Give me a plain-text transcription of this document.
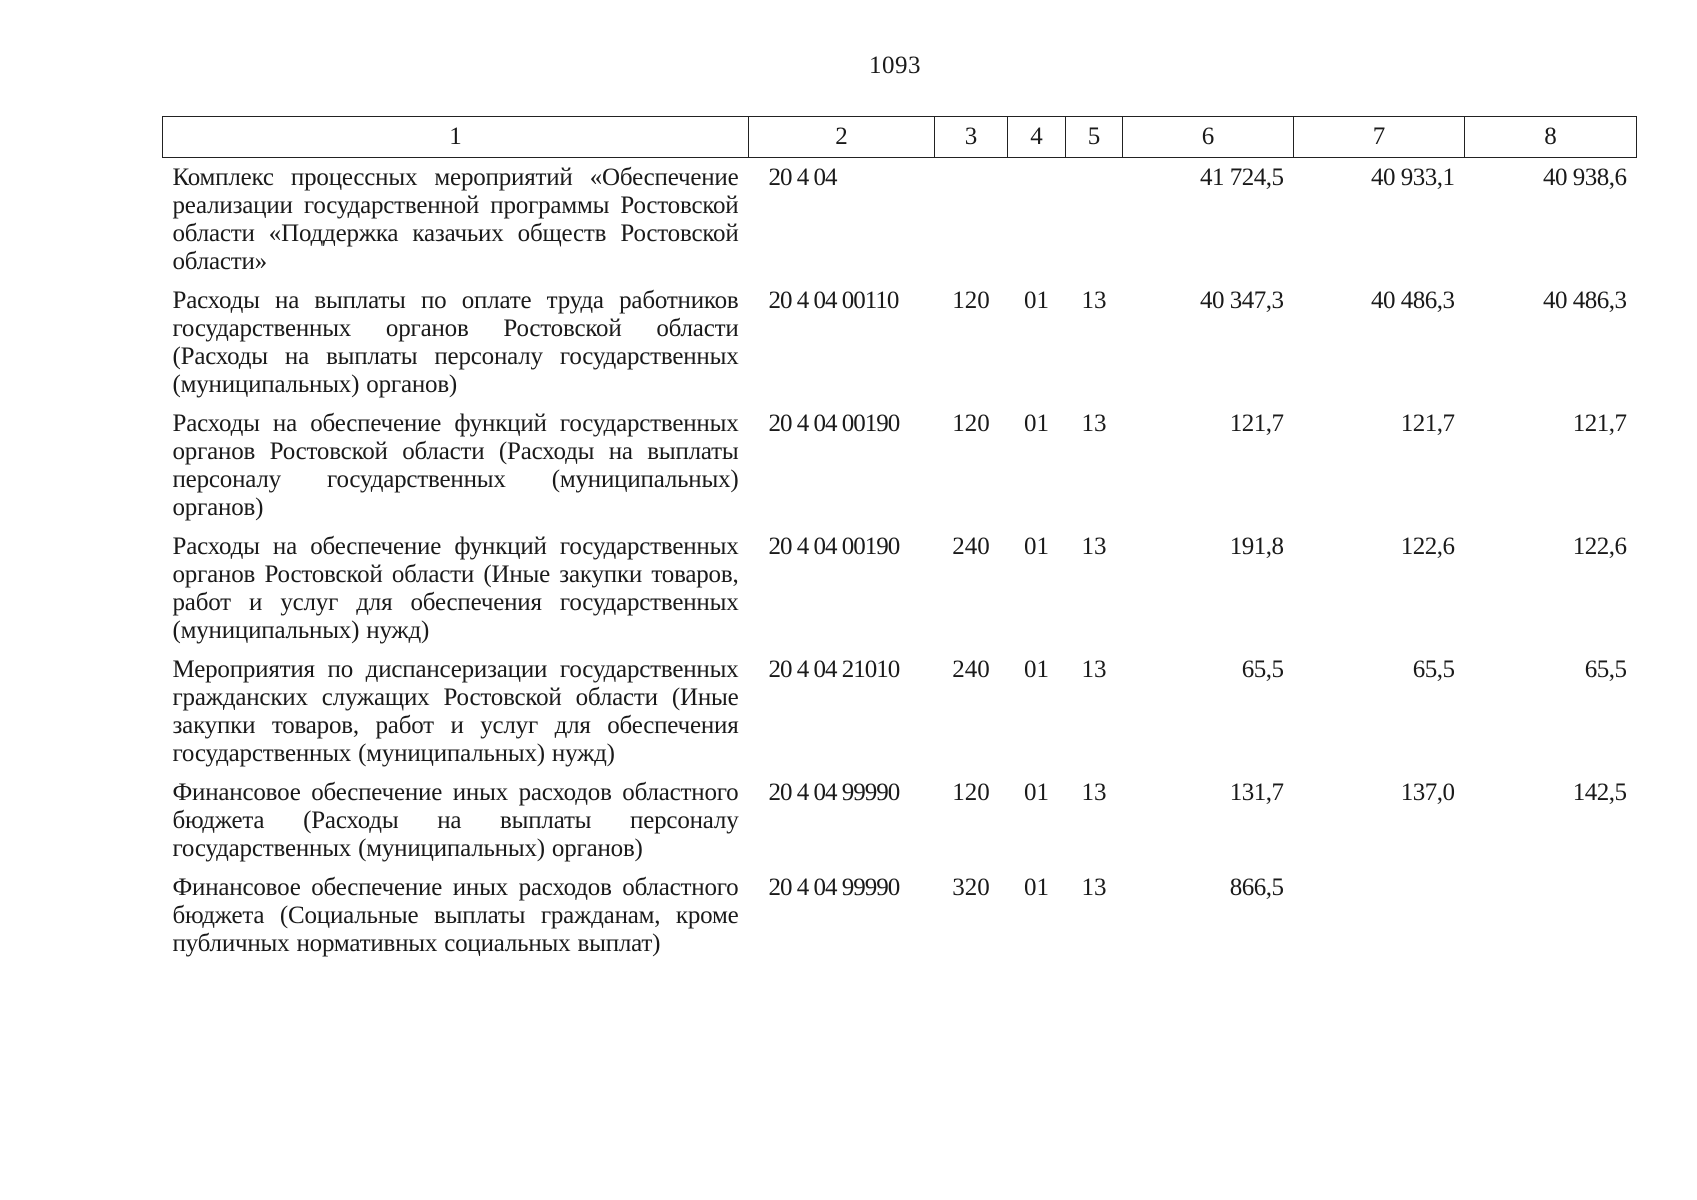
1093
1	2	3	4	5	6	7	8
Комплекс процессных мероприятий «Обеспечение реализации государственной программы Ростовской области «Поддержка казачьих обществ Ростовской области»	20 4 04				41 724,5	40 933,1	40 938,6
Расходы на выплаты по оплате труда работников государственных органов Ростовской области (Расходы на выплаты персоналу государственных (муниципальных) органов)	20 4 04 00110	120	01	13	40 347,3	40 486,3	40 486,3
Расходы на обеспечение функций государственных органов Ростовской области (Расходы на выплаты персоналу государственных (муниципальных) органов)	20 4 04 00190	120	01	13	121,7	121,7	121,7
Расходы на обеспечение функций государственных органов Ростовской области (Иные закупки товаров, работ и услуг для обеспечения государственных (муниципальных) нужд)	20 4 04 00190	240	01	13	191,8	122,6	122,6
Мероприятия по диспансеризации государственных гражданских служащих Ростовской области (Иные закупки товаров, работ и услуг для обеспечения государственных (муниципальных) нужд)	20 4 04 21010	240	01	13	65,5	65,5	65,5
Финансовое обеспечение иных расходов областного бюджета (Расходы на выплаты персоналу государственных (муниципальных) органов)	20 4 04 99990	120	01	13	131,7	137,0	142,5
Финансовое обеспечение иных расходов областного бюджета (Социальные выплаты гражданам, кроме публичных нормативных социальных выплат)	20 4 04 99990	320	01	13	866,5		
